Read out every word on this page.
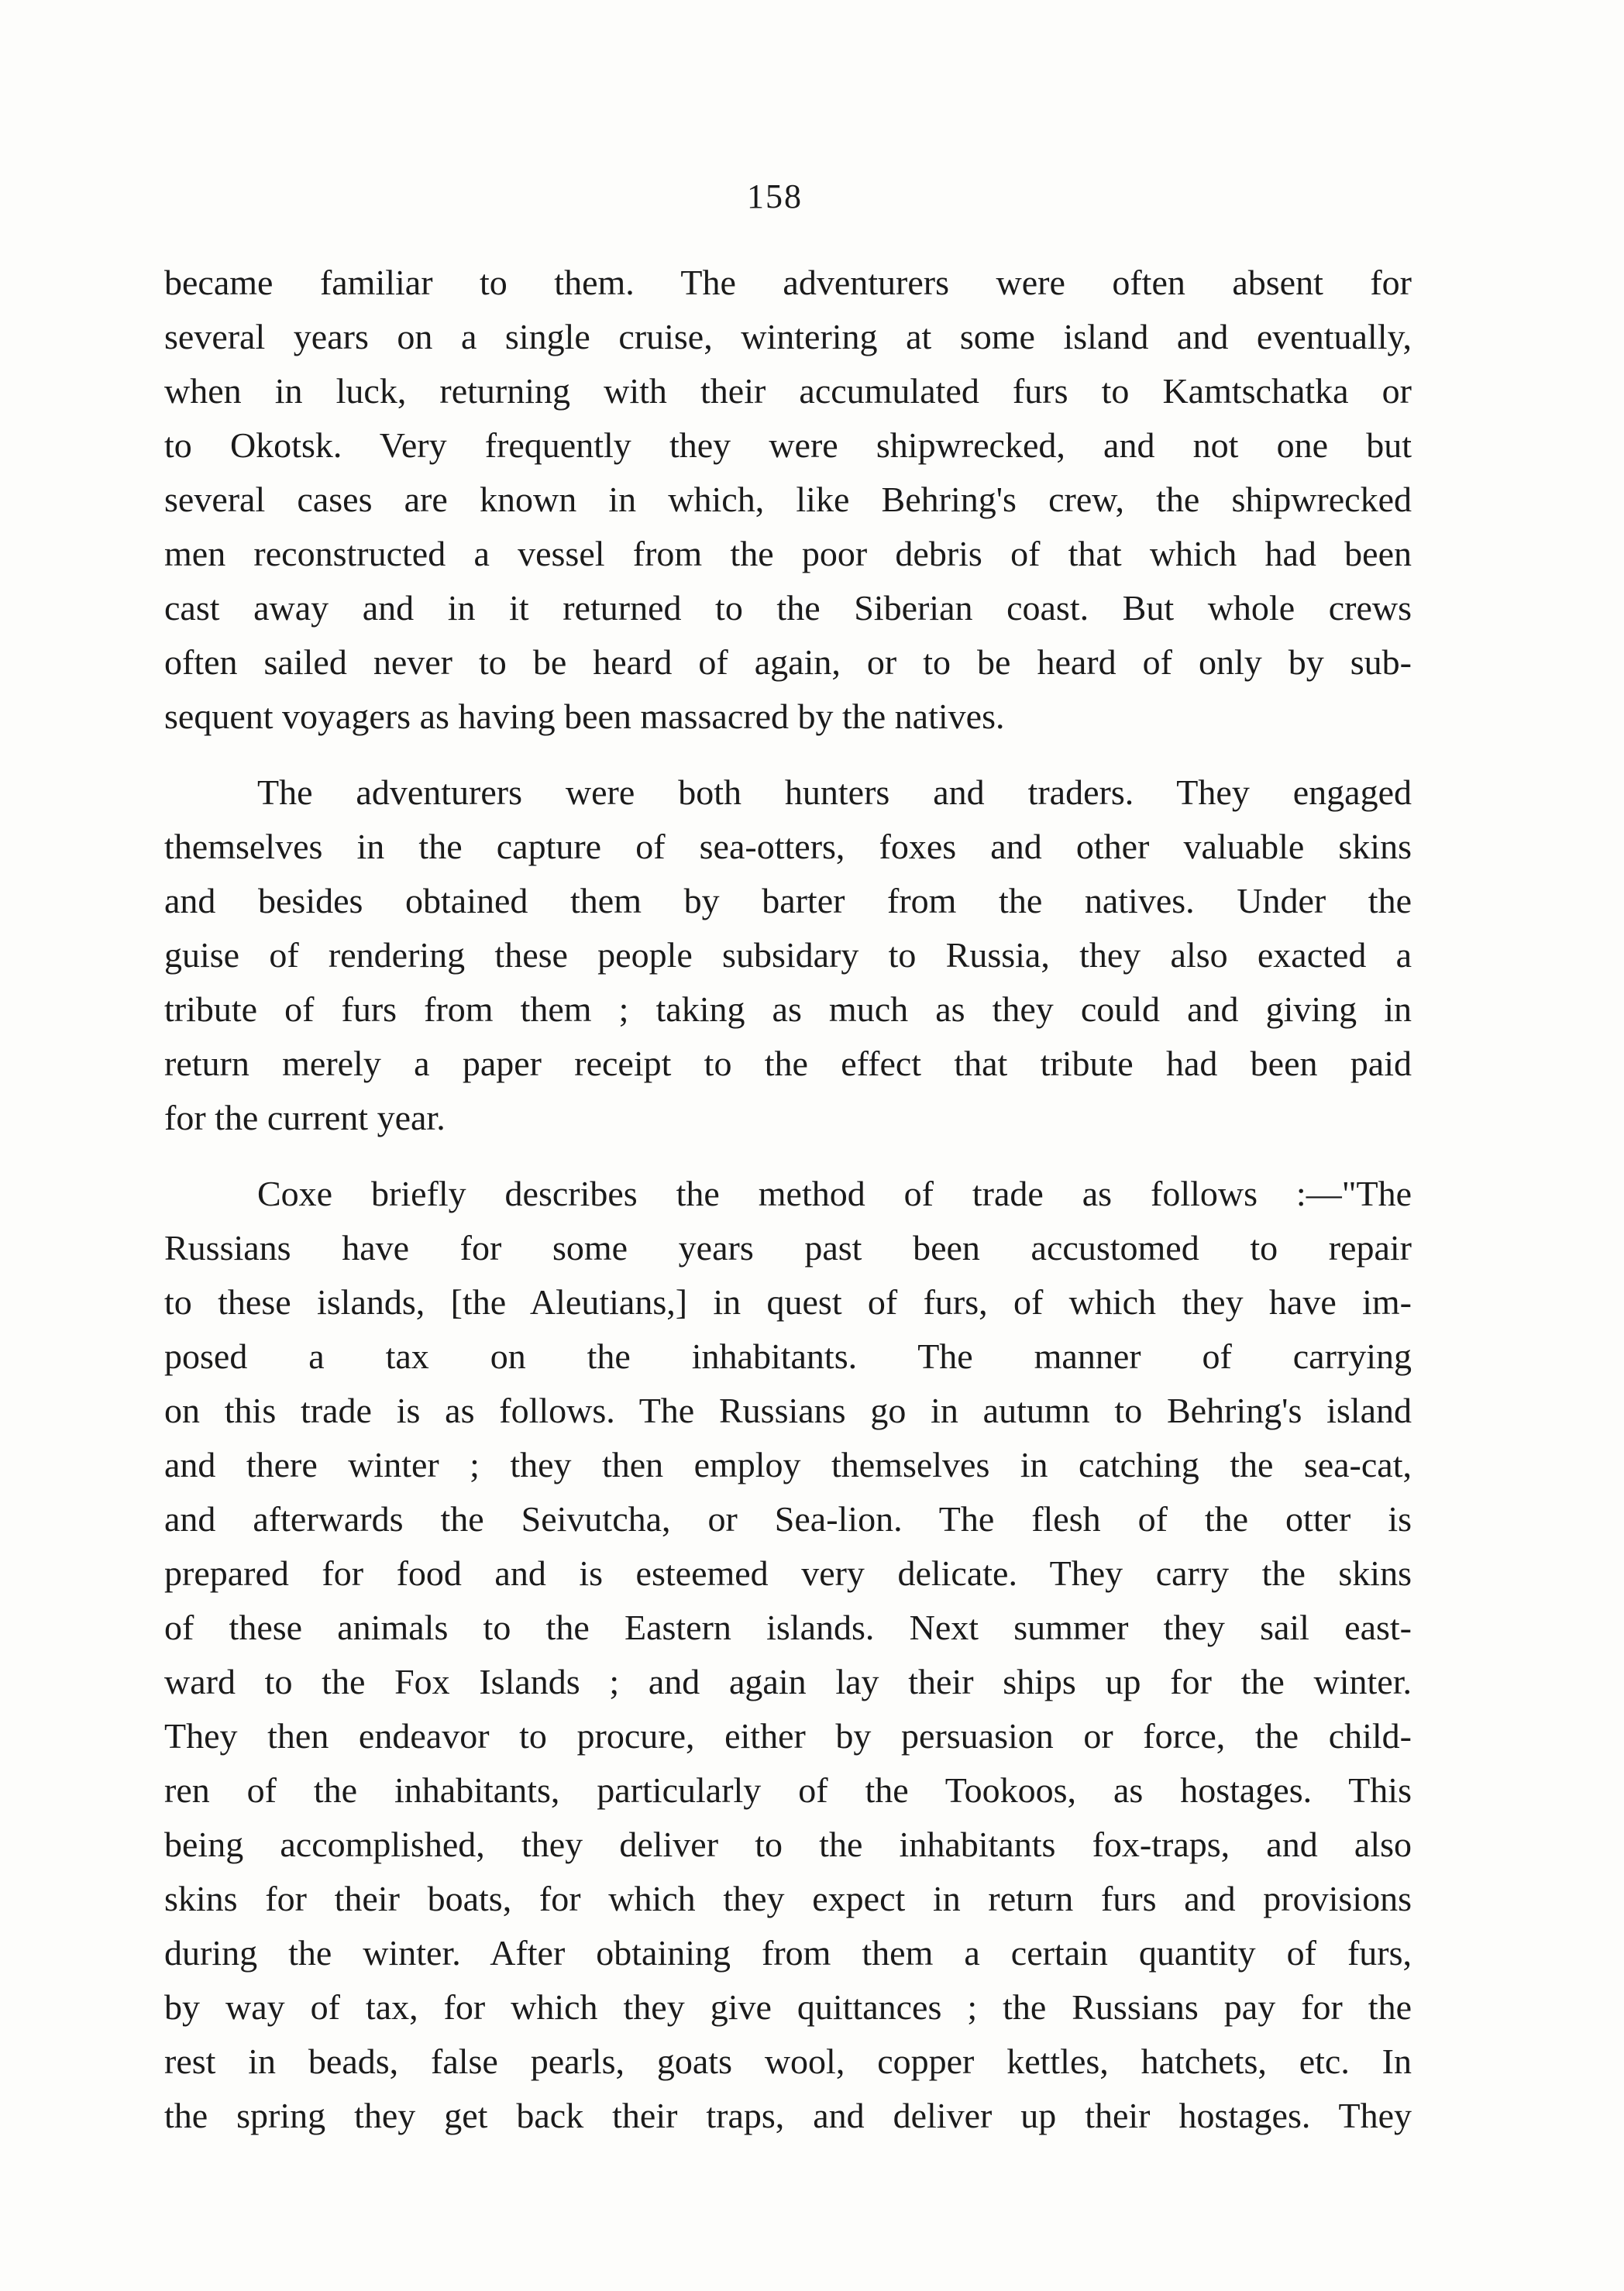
158

became familiar to them. The adventurers were often absent for
several years on a single cruise, wintering at some island and eventually,
when in luck, returning with their accumulated furs to Kamtschatka or
to Okotsk. Very frequently they were shipwrecked, and not one but
several cases are known in which, like Behring's crew, the shipwrecked
men reconstructed a vessel from the poor debris of that which had been
cast away and in it returned to the Siberian coast. But whole crews
often sailed never to be heard of again, or to be heard of only by sub-
sequent voyagers as having been massacred by the natives.

The adventurers were both hunters and traders. They engaged
themselves in the capture of sea-otters, foxes and other valuable skins
and besides obtained them by barter from the natives. Under the
guise of rendering these people subsidary to Russia, they also exacted a
tribute of furs from them ; taking as much as they could and giving in
return merely a paper receipt to the effect that tribute had been paid
for the current year.

Coxe briefly describes the method of trade as follows :—"The
Russians have for some years past been accustomed to repair
to these islands, [the Aleutians,] in quest of furs, of which they have im-
posed a tax on the inhabitants. The manner of carrying
on this trade is as follows. The Russians go in autumn to Behring's island
and there winter ; they then employ themselves in catching the sea-cat,
and afterwards the Seivutcha, or Sea-lion. The flesh of the otter is
prepared for food and is esteemed very delicate. They carry the skins
of these animals to the Eastern islands. Next summer they sail east-
ward to the Fox Islands ; and again lay their ships up for the winter.
They then endeavor to procure, either by persuasion or force, the child-
ren of the inhabitants, particularly of the Tookoos, as hostages. This
being accomplished, they deliver to the inhabitants fox-traps, and also
skins for their boats, for which they expect in return furs and provisions
during the winter. After obtaining from them a certain quantity of furs,
by way of tax, for which they give quittances ; the Russians pay for the
rest in beads, false pearls, goats wool, copper kettles, hatchets, etc. In
the spring they get back their traps, and deliver up their hostages. They
